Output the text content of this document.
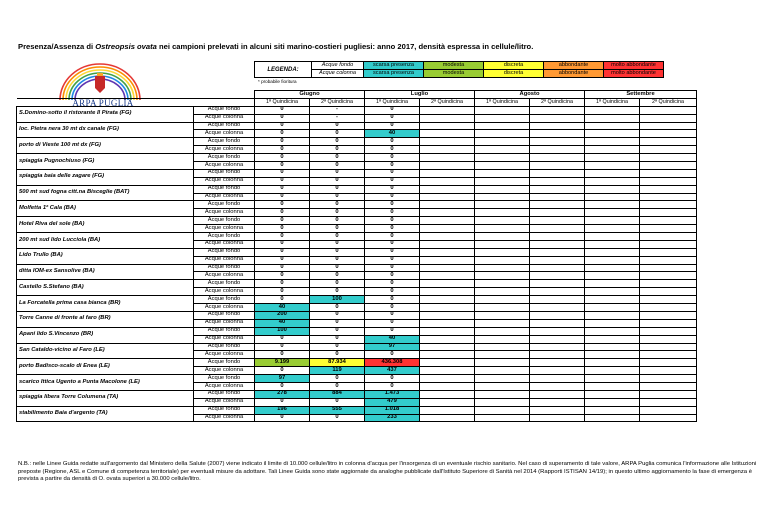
Presenza/Assenza di Ostreopsis ovata nei campioni prelevati in alcuni siti marino-costieri pugliesi: anno 2017, densità espressa in cellule/litro.
ARPA PUGLIA
LEGENDA:	Acque fondo	scarsa presenza	modesta	discreta	abbondante	molto abbondante
	Acque colonna	scarsa presenza	modesta	discreta	abbondante	molto abbondante
* probabile fioritura
		Giugno		Luglio		Agosto		Settembre	
		1ª Quindicina	2ª Quindicina	1ª Quindicina	2ª Quindicina	1ª Quindicina	2ª Quindicina	1ª Quindicina	2ª Quindicina
S.Domino-sotto il ristorante Il Pirata (FG)	Acque fondo	0	-	0					
	Acque colonna	0	-	0					
loc. Pietra nera 30 mt dx canale (FG)	Acque fondo	0	0	0					
	Acque colonna	0	0	40					
porto di Vieste 100 mt dx (FG)	Acque fondo	0	0	0					
	Acque colonna	0	0	0					
spiaggia Pugnochiuso (FG)	Acque fondo	0	0	0					
	Acque colonna	0	0	0					
spiaggia baia delle zagare (FG)	Acque fondo	0	0	0					
	Acque colonna	0	0	0					
500 mt sud fogna citt.na Bisceglie (BAT)	Acque fondo	0	0	0					
	Acque colonna	0	0	0					
Molfetta 1ª Cala (BA)	Acque fondo	0	0	0					
	Acque colonna	0	0	0					
Hotel Riva del sole (BA)	Acque fondo	0	0	0					
	Acque colonna	0	0	0					
200 mt sud lido Lucciola (BA)	Acque fondo	0	0	0					
	Acque colonna	0	0	0					
Lido Trullo (BA)	Acque fondo	0	0	0					
	Acque colonna	0	0	0					
ditta IOM-ex Sansolive (BA)	Acque fondo	0	0	0					
	Acque colonna	0	0	0					
Castello S.Stefano (BA)	Acque fondo	0	0	0					
	Acque colonna	0	0	0					
La Forcatella prima casa bianca (BR)	Acque fondo	0	100	0					
	Acque colonna	40	0	0					
Torre Canne di fronte al faro (BR)	Acque fondo	200	0	0					
	Acque colonna	40	0	0					
Apani lido S.Vincenzo (BR)	Acque fondo	100	0	0					
	Acque colonna	0	0	40					
San Cataldo-vicino al Faro (LE)	Acque fondo	0	0	97					
	Acque colonna	0	0	0					
porto Badisco-scalo di Enea (LE)	Acque fondo	9.199	87.934	436.308					
	Acque colonna	0	119	437					
scarico Ittica Ugento a Punta Macolone (LE)	Acque fondo	97	0	0					
	Acque colonna	0	0	0					
spiaggia libera Torre Columena (TA)	Acque fondo	278	884	1.473					
	Acque colonna	0	0	479					
stabilimento Baia d'argento (TA)	Acque fondo	196	555	1.018					
	Acque colonna	0	0	233					
N.B.: nelle Linee Guida redatte sull'argomento dal Ministero della Salute (2007) viene indicato il limite di 10.000 cellule/litro in colonna d'acqua per l'insorgenza di un eventuale rischio sanitario. Nel caso di superamento di tale valore, ARPA Puglia comunica l'informazione alle Istituzioni preposte (Regione, ASL e Comune di competenza territoriale) per eventuali misure da adottare. Tali Linee Guida sono state aggiornate da analoghe pubblicate dall'Istituto Superiore di Sanità nel 2014 (Rapporti ISTISAN 14/19); in questo ultimo aggiornamento la fase di emergenza è prevista a partire da densità di O. ovata superiori a 30.000 cellule/litro.
